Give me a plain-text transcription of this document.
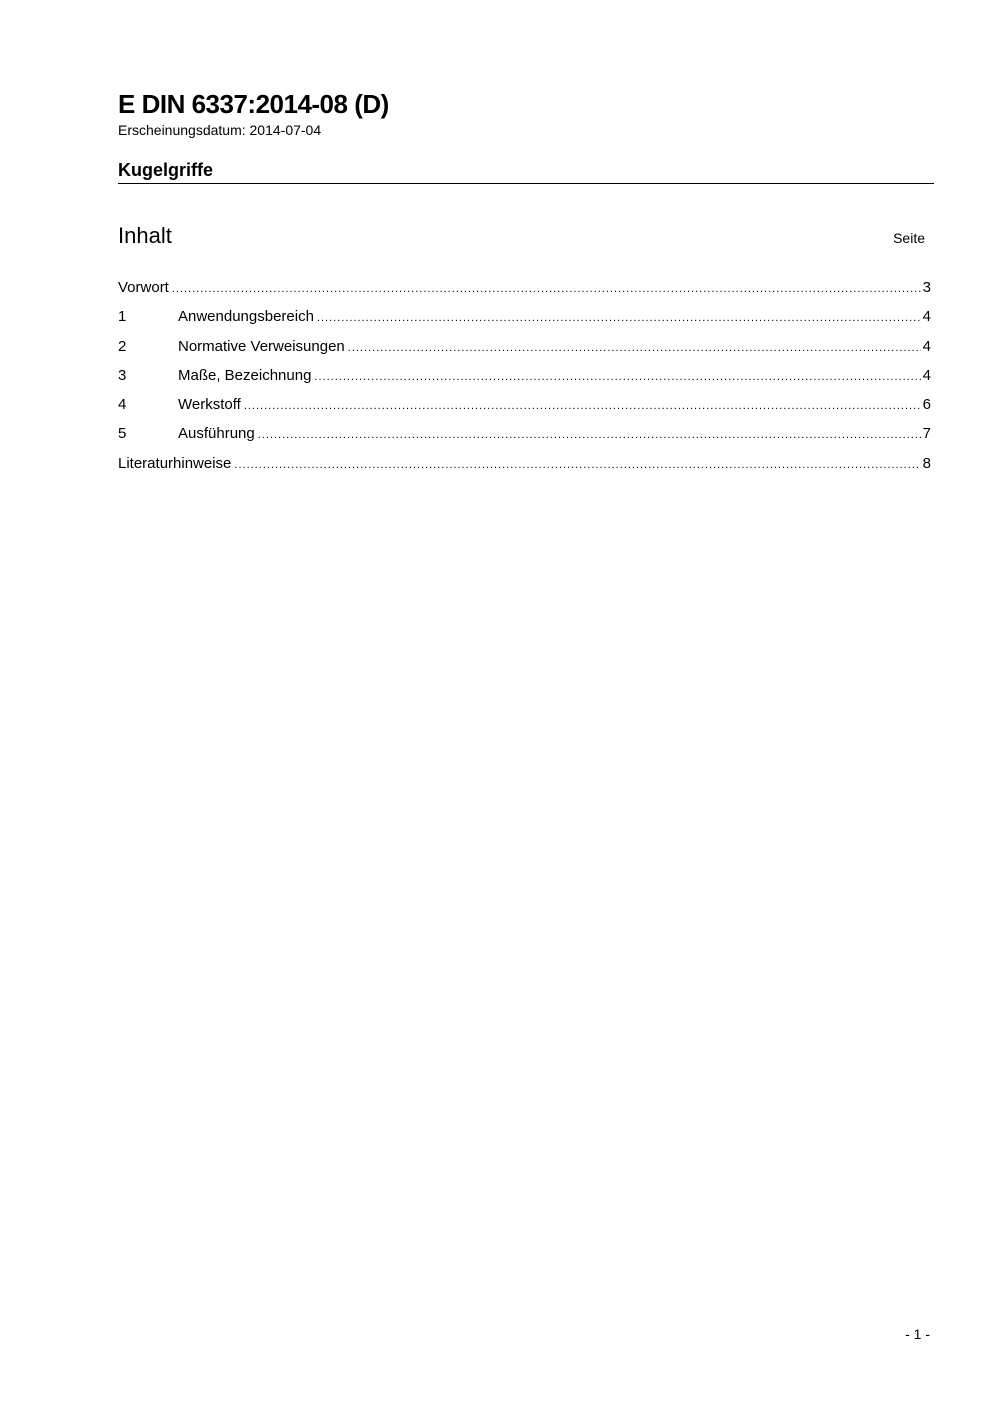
E DIN 6337:2014-08 (D)
Erscheinungsdatum: 2014-07-04
Kugelgriffe
Inhalt	Seite
Vorwort .....	3
1	Anwendungsbereich .....	4
2	Normative Verweisungen .....	4
3	Maße, Bezeichnung .....	4
4	Werkstoff .....	6
5	Ausführung .....	7
Literaturhinweise .....	8
- 1 -
